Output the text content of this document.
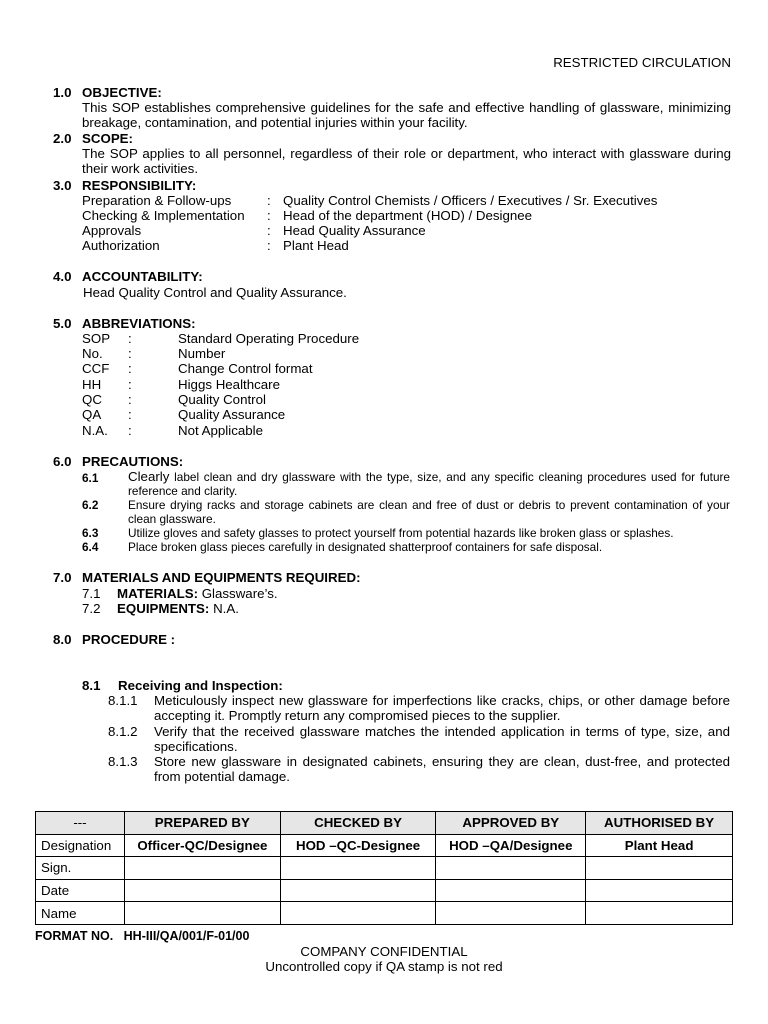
RESTRICTED CIRCULATION
1.0 OBJECTIVE:
This SOP establishes comprehensive guidelines for the safe and effective handling of glassware, minimizing breakage, contamination, and potential injuries within your facility.
2.0 SCOPE:
The SOP applies to all personnel, regardless of their role or department, who interact with glassware during their work activities.
3.0 RESPONSIBILITY:
Preparation & Follow-ups	: Quality Control Chemists / Officers / Executives / Sr. Executives
Checking & Implementation : Head of the department (HOD) / Designee
Approvals	: Head Quality Assurance
Authorization	: Plant Head
4.0 ACCOUNTABILITY:
Head Quality Control and Quality Assurance.
5.0 ABBREVIATIONS:
SOP :	Standard Operating Procedure
No. :	Number
CCF :	Change Control format
HH :	Higgs Healthcare
QC :	Quality Control
QA :	Quality Assurance
N.A. :	Not Applicable
6.0 PRECAUTIONS:
6.1 Clearly label clean and dry glassware with the type, size, and any specific cleaning procedures used for future reference and clarity.
6.2	Ensure drying racks and storage cabinets are clean and free of dust or debris to prevent contamination of your clean glassware.
6.3	Utilize gloves and safety glasses to protect yourself from potential hazards like broken glass or splashes.
6.4	Place broken glass pieces carefully in designated shatterproof containers for safe disposal.
7.0 MATERIALS AND EQUIPMENTS REQUIRED:
7.1 MATERIALS: Glassware’s.
7.2 EQUIPMENTS: N.A.
8.0 PROCEDURE :
8.1 Receiving and Inspection:
8.1.1 Meticulously inspect new glassware for imperfections like cracks, chips, or other damage before accepting it. Promptly return any compromised pieces to the supplier.
8.1.2 Verify that the received glassware matches the intended application in terms of type, size, and specifications.
8.1.3 Store new glassware in designated cabinets, ensuring they are clean, dust-free, and protected from potential damage.
---	PREPARED BY	CHECKED BY	APPROVED BY	AUTHORISED BY
Designation	Officer-QC/Designee	HOD –QC-Designee	HOD –QA/Designee	Plant Head
Sign.				
Date				
Name				
FORMAT NO. HH-III/QA/001/F-01/00
COMPANY CONFIDENTIAL
Uncontrolled copy if QA stamp is not red
